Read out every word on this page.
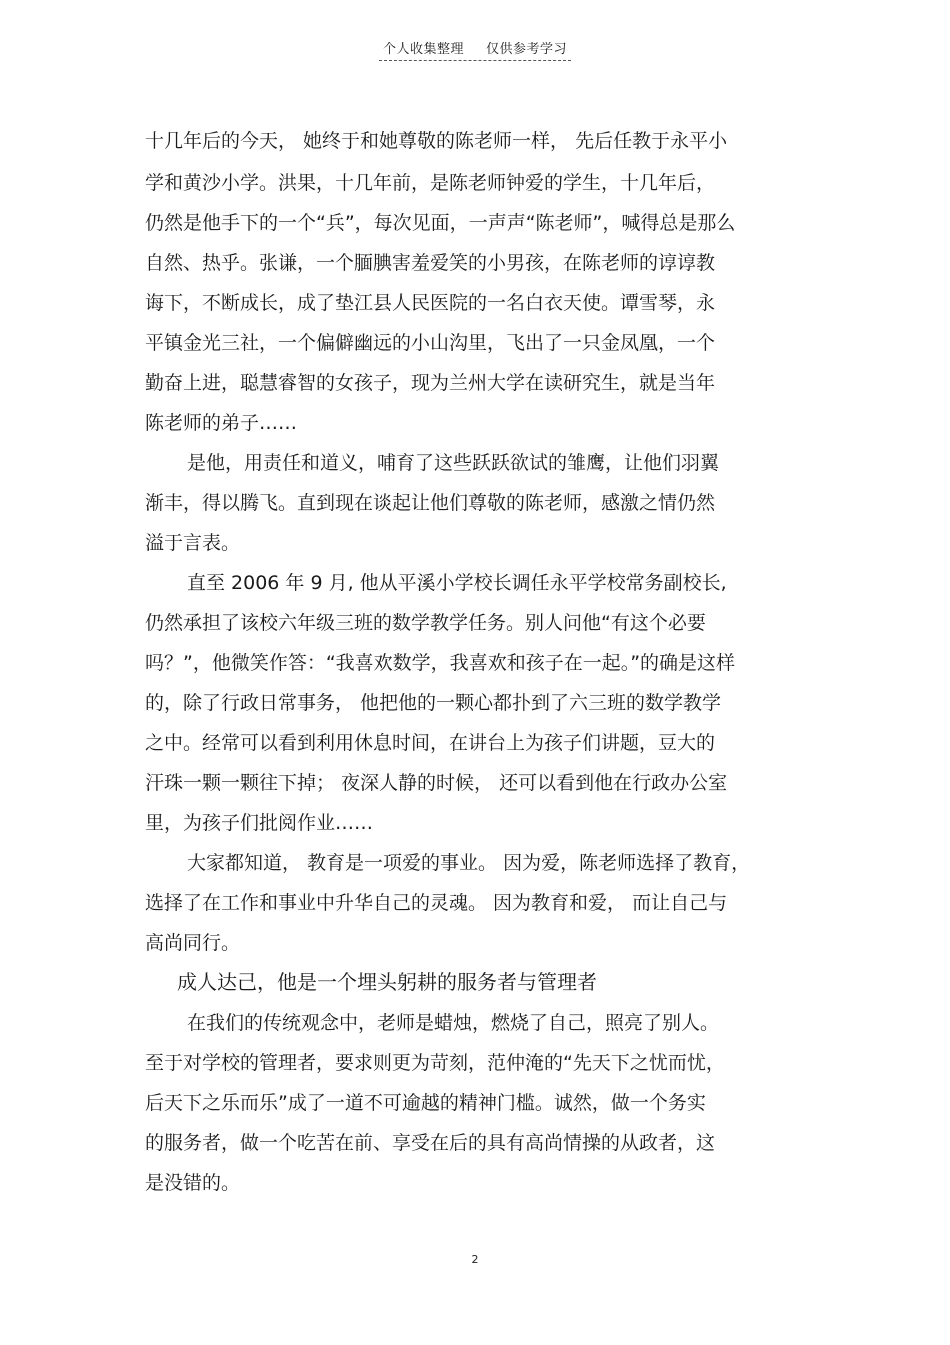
个人收集整理 仅供参考学习
十几年后的今天， 她终于和她尊敬的陈老师一样， 先后任教于永平小
学和黄沙小学。洪果，十几年前，是陈老师钟爱的学生，十几年后，
仍然是他手下的一个“兵”，每次见面，一声声“陈老师”，喊得总是那么
自然、热乎。张谦，一个腼腆害羞爱笑的小男孩，在陈老师的谆谆教
诲下，不断成长，成了垫江县人民医院的一名白衣天使。谭雪琴，永
平镇金光三社，一个偏僻幽远的小山沟里，飞出了一只金凤凰，一个
勤奋上进，聪慧睿智的女孩子，现为兰州大学在读研究生，就是当年
陈老师的弟子……
是他，用责任和道义，哺育了这些跃跃欲试的雏鹰，让他们羽翼
渐丰，得以腾飞。直到现在谈起让他们尊敬的陈老师，感激之情仍然
溢于言表。
直至 2006 年 9 月, 他从平溪小学校长调任永平学校常务副校长,
仍然承担了该校六年级三班的数学教学任务。别人问他“有这个必要
吗？”，他微笑作答：“我喜欢数学，我喜欢和孩子在一起。”的确是这样
的，除了行政日常事务， 他把他的一颗心都扑到了六三班的数学教学
之中。经常可以看到利用休息时间，在讲台上为孩子们讲题，豆大的
汗珠一颗一颗往下掉； 夜深人静的时候， 还可以看到他在行政办公室
里，为孩子们批阅作业……
大家都知道， 教育是一项爱的事业。 因为爱，陈老师选择了教育，
选择了在工作和事业中升华自己的灵魂。 因为教育和爱， 而让自己与
高尚同行。
成人达己，他是一个埋头躬耕的服务者与管理者
在我们的传统观念中，老师是蜡烛，燃烧了自己，照亮了别人。
至于对学校的管理者，要求则更为苛刻，范仲淹的“先天下之忧而忧，
后天下之乐而乐”成了一道不可逾越的精神门槛。诚然，做一个务实
的服务者，做一个吃苦在前、享受在后的具有高尚情操的从政者，这
是没错的。
2
